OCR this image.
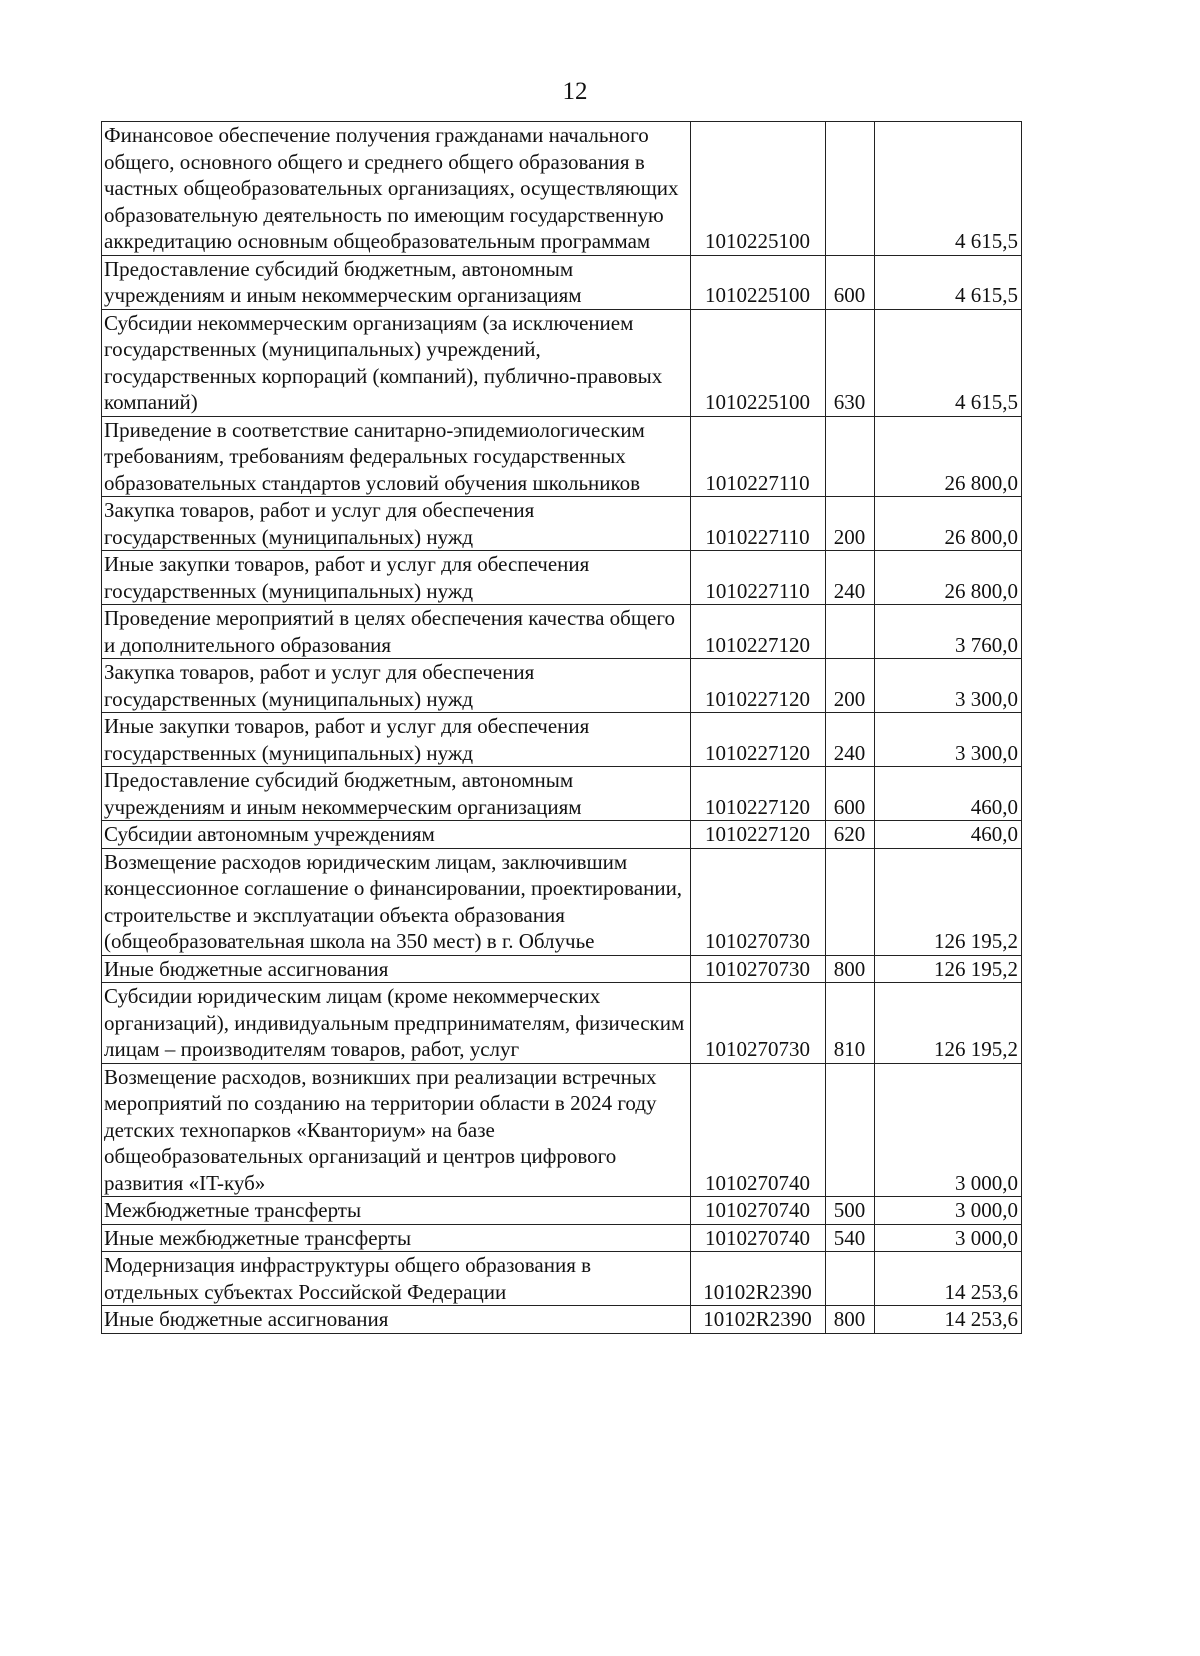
12
Финансовое обеспечение получения гражданами начального общего, основного общего и среднего общего образования в частных общеобразовательных организациях, осуществляющих образовательную деятельность по имеющим государственную аккредитацию основным общеобразовательным программам	1010225100		4 615,5
Предоставление субсидий бюджетным, автономным учреждениям и иным некоммерческим организациям	1010225100	600	4 615,5
Субсидии некоммерческим организациям (за исключением государственных (муниципальных) учреждений, государственных корпораций (компаний), публично-правовых компаний)	1010225100	630	4 615,5
Приведение в соответствие санитарно-эпидемиологическим требованиям, требованиям федеральных государственных образовательных стандартов условий обучения школьников	1010227110		26 800,0
Закупка товаров, работ и услуг для обеспечения государственных (муниципальных) нужд	1010227110	200	26 800,0
Иные закупки товаров, работ и услуг для обеспечения государственных (муниципальных) нужд	1010227110	240	26 800,0
Проведение мероприятий в целях обеспечения качества общего и дополнительного образования	1010227120		3 760,0
Закупка товаров, работ и услуг для обеспечения государственных (муниципальных) нужд	1010227120	200	3 300,0
Иные закупки товаров, работ и услуг для обеспечения государственных (муниципальных) нужд	1010227120	240	3 300,0
Предоставление субсидий бюджетным, автономным учреждениям и иным некоммерческим организациям	1010227120	600	460,0
Субсидии автономным учреждениям	1010227120	620	460,0
Возмещение расходов юридическим лицам, заключившим концессионное соглашение о финансировании, проектировании, строительстве и эксплуатации объекта образования (общеобразовательная школа на 350 мест) в г. Облучье	1010270730		126 195,2
Иные бюджетные ассигнования	1010270730	800	126 195,2
Субсидии юридическим лицам (кроме некоммерческих организаций), индивидуальным предпринимателям, физическим лицам – производителям товаров, работ, услуг	1010270730	810	126 195,2
Возмещение расходов, возникших при реализации встречных мероприятий по созданию на территории области в 2024 году детских технопарков «Кванториум» на базе общеобразовательных организаций и центров цифрового развития «IT-куб»	1010270740		3 000,0
Межбюджетные трансферты	1010270740	500	3 000,0
Иные межбюджетные трансферты	1010270740	540	3 000,0
Модернизация инфраструктуры общего образования в отдельных субъектах Российской Федерации	10102R2390		14 253,6
Иные бюджетные ассигнования	10102R2390	800	14 253,6
